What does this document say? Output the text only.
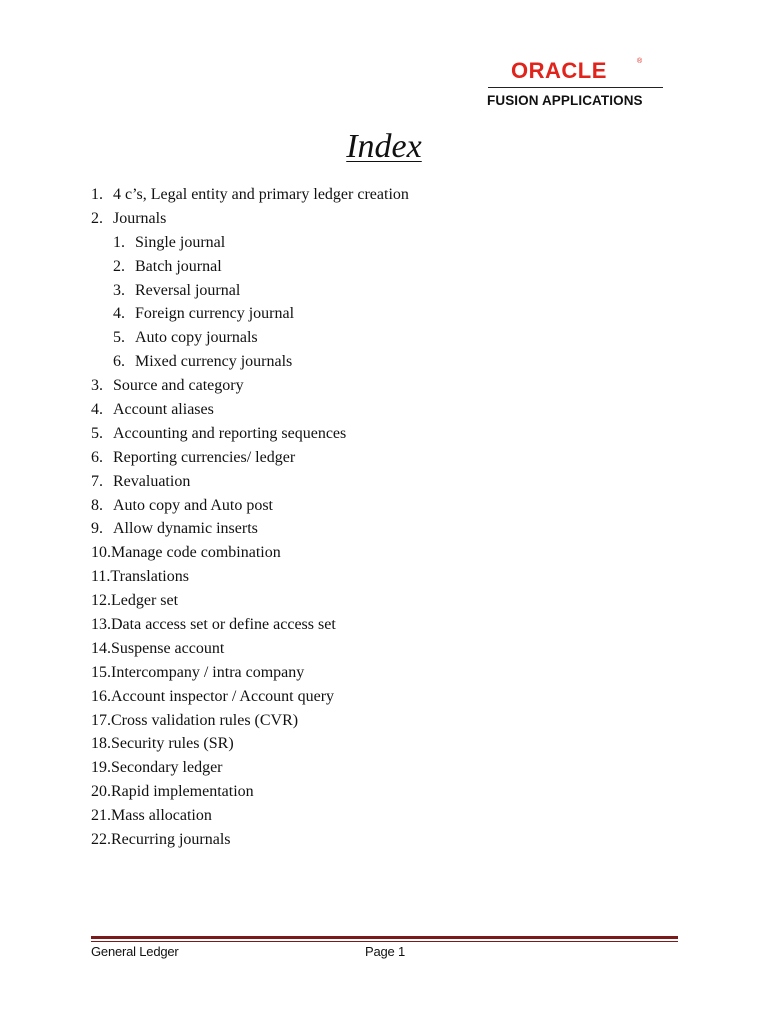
ORACLE	®
FUSION APPLICATIONS
Index
1. 4 c’s, Legal entity and primary ledger creation
2. Journals
1. Single journal
2. Batch journal
3. Reversal journal
4. Foreign currency journal
5. Auto copy journals
6. Mixed currency journals
3. Source and category
4. Account aliases
5. Accounting and reporting sequences
6. Reporting currencies/ ledger
7. Revaluation
8. Auto copy and Auto post
9. Allow dynamic inserts
10.Manage code combination
11.Translations
12.Ledger set
13.Data access set or define access set
14.Suspense account
15.Intercompany / intra company
16.Account inspector / Account query
17.Cross validation rules (CVR)
18.Security rules (SR)
19.Secondary ledger
20.Rapid implementation
21.Mass allocation
22.Recurring journals
General Ledger	Page 1
